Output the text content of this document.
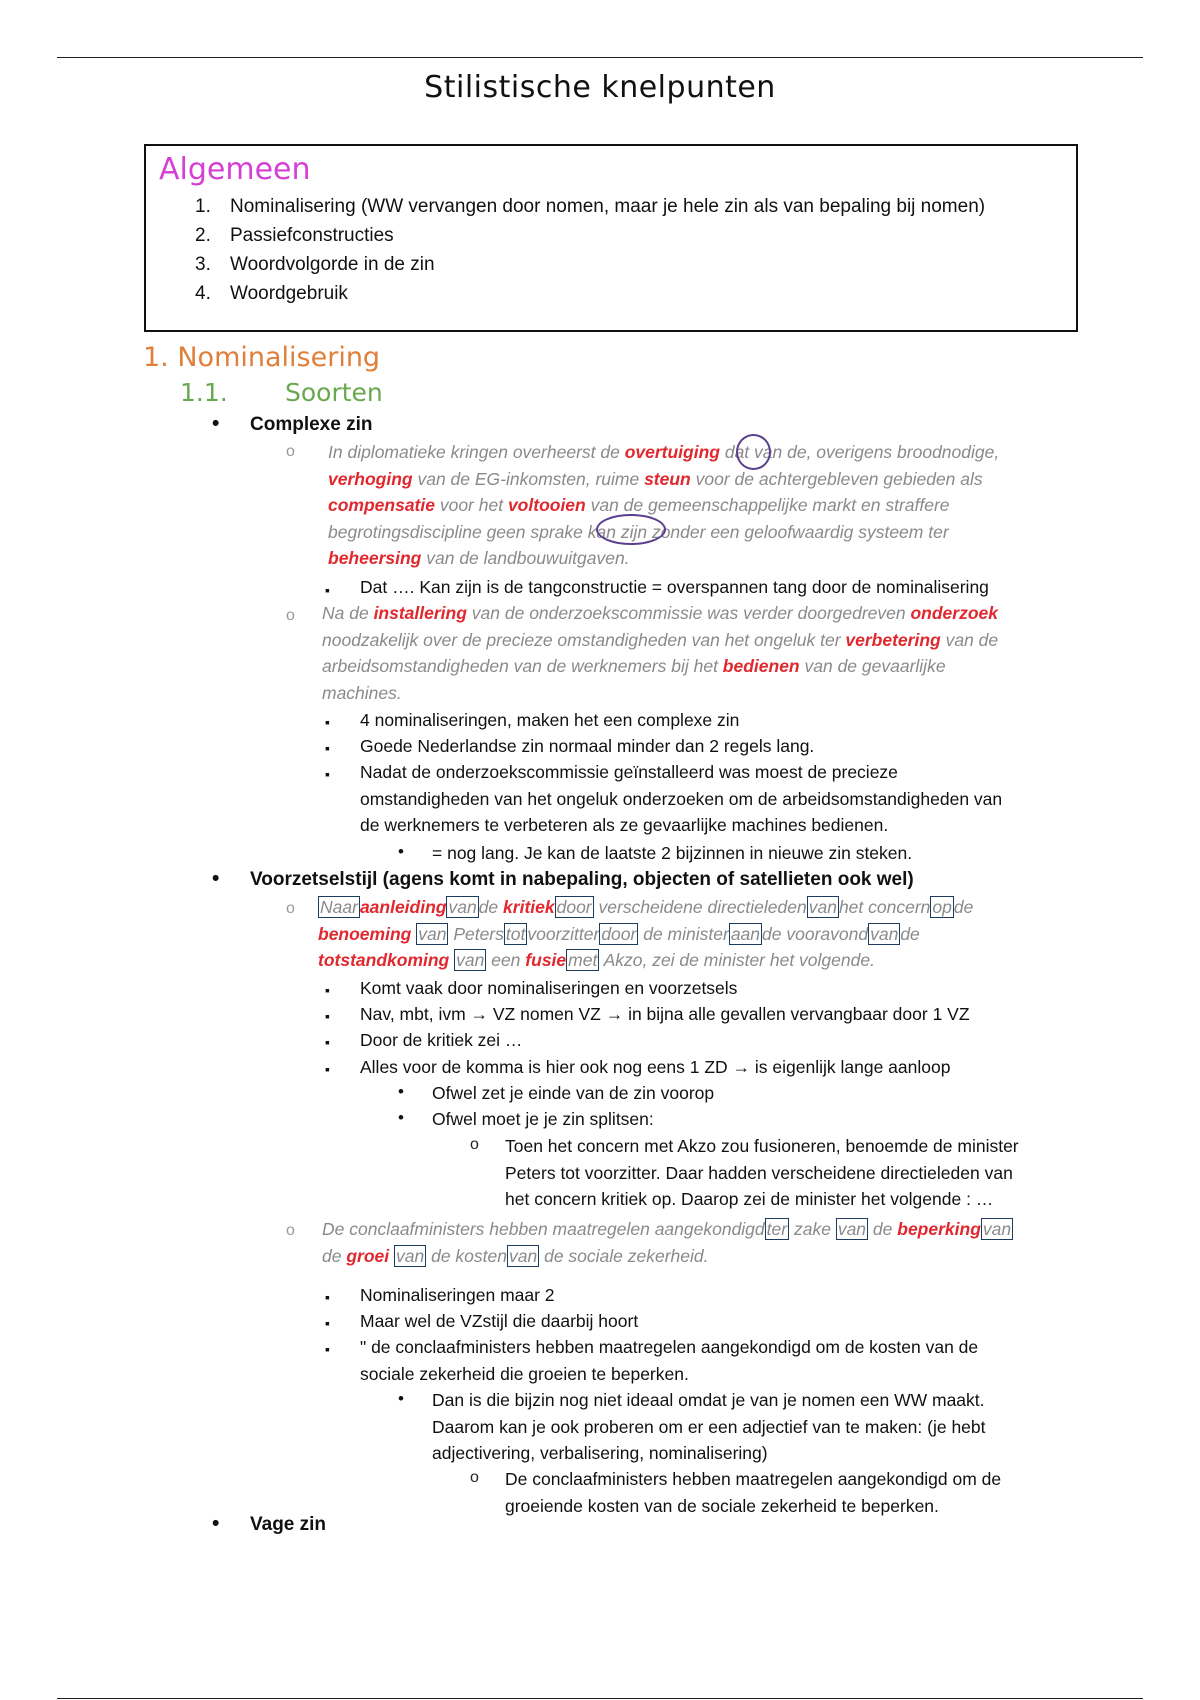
Stilistische knelpunten
Algemeen
1. Nominalisering (WW vervangen door nomen, maar je hele zin als van bepaling bij nomen)
2. Passiefconstructies
3. Woordvolgorde in de zin
4. Woordgebruik
1. Nominalisering
1.1. Soorten
• Complexe zin
o In diplomatieke kringen overheerst de overtuiging dat van de, overigens broodnodige,
verhoging van de EG-inkomsten, ruime steun voor de achtergebleven gebieden als
compensatie voor het voltooien van de gemeenschappelijke markt en straffere
begrotingsdiscipline geen sprake kan zijn zonder een geloofwaardig systeem ter
beheersing van de landbouwuitgaven.
▪ Dat …. Kan zijn is de tangconstructie = overspannen tang door de nominalisering
o Na de installering van de onderzoekscommissie was verder doorgedreven onderzoek
noodzakelijk over de precieze omstandigheden van het ongeluk ter verbetering van de
arbeidsomstandigheden van de werknemers bij het bedienen van de gevaarlijke
machines.
▪ 4 nominaliseringen, maken het een complexe zin
▪ Goede Nederlandse zin normaal minder dan 2 regels lang.
▪ Nadat de onderzoekscommissie geïnstalleerd was moest de precieze
omstandigheden van het ongeluk onderzoeken om de arbeidsomstandigheden van
de werknemers te verbeteren als ze gevaarlijke machines bedienen.
• = nog lang. Je kan de laatste 2 bijzinnen in nieuwe zin steken.
• Voorzetselstijl (agens komt in nabepaling, objecten of satellieten ook wel)
o Naar aanleiding van de kritiek door verscheidene directieleden van het concern op de
benoeming van Peters tot voorzitter door de minister aan de vooravond van de
totstandkoming van een fusie met Akzo, zei de minister het volgende.
▪ Komt vaak door nominaliseringen en voorzetsels
▪ Nav, mbt, ivm → VZ nomen VZ → in bijna alle gevallen vervangbaar door 1 VZ
▪ Door de kritiek zei …
▪ Alles voor de komma is hier ook nog eens 1 ZD → is eigenlijk lange aanloop
• Ofwel zet je einde van de zin voorop
• Ofwel moet je je zin splitsen:
o Toen het concern met Akzo zou fusioneren, benoemde de minister
Peters tot voorzitter. Daar hadden verscheidene directieleden van
het concern kritiek op. Daarop zei de minister het volgende : …
o De conclaafministers hebben maatregelen aangekondigd ter zake van de beperking van
de groei van de kosten van de sociale zekerheid.
▪ Nominaliseringen maar 2
▪ Maar wel de VZstijl die daarbij hoort
▪ " de conclaafministers hebben maatregelen aangekondigd om de kosten van de
sociale zekerheid die groeien te beperken.
• Dan is die bijzin nog niet ideaal omdat je van je nomen een WW maakt.
Daarom kan je ook proberen om er een adjectief van te maken: (je hebt
adjectivering, verbalisering, nominalisering)
o De conclaafministers hebben maatregelen aangekondigd om de
groeiende kosten van de sociale zekerheid te beperken.
• Vage zin
